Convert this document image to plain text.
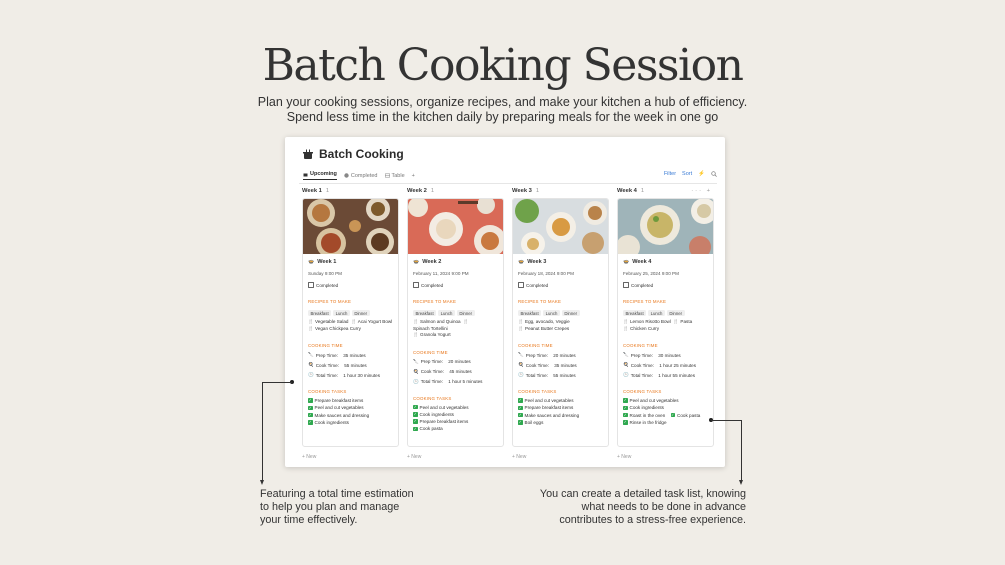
Batch Cooking Session
Plan your cooking sessions, organize recipes, and make your kitchen a hub of efficiency.
Spend less time in the kitchen daily by preparing meals for the week in one go
Batch Cooking
Upcoming	Completed	Table +	Filter Sort ⚡
Week 1 1
🍲 Week 1
Sunday 9:00 PM
Completed
RECIPES TO MAKE
Breakfast	Lunch	Dinner
🍴 Vegetable Salad  🍴 Acai Yogurt Bowl
🍴 Vegan Chickpea Curry
COOKING TIME
🔪 Prep Time:
35 minutes
🍳 Cook Time:
55 minutes
🕑 Total Time:
1 hour 30 minutes
COOKING TASKS
✓ Prepare breakfast items
✓ Peel and cut vegetables
✓ Make sauces and dressing
✓ Cook ingredients
+ New
Week 2 1
🍲 Week 2
February 11, 2024 9:00 PM
Completed
RECIPES TO MAKE
Breakfast	Lunch	Dinner
🍴 Salmon and Quinoa  🍴 Spinach Tortellini
🍴 Granola Yogurt
COOKING TIME
🔪 Prep Time:
20 minutes
🍳 Cook Time:
45 minutes
🕑 Total Time:
1 hour 5 minutes
COOKING TASKS
✓ Peel and cut vegetables
✓ Cook ingredients
✓ Prepare breakfast items
✓ Cook pasta
+ New
Week 3 1
🍲 Week 3
February 18, 2024 9:00 PM
Completed
RECIPES TO MAKE
Breakfast	Lunch	Dinner
🍴 Egg, avocado, Veggie
🍴 Peanut Butter Crepes
COOKING TIME
🔪 Prep Time:
20 minutes
🍳 Cook Time:
35 minutes
🕑 Total Time:
55 minutes
COOKING TASKS
✓ Peel and cut vegetables
✓ Prepare breakfast items
✓ Make sauces and dressing
✓ Boil eggs
+ New
Week 4 1	··· +
🍲 Week 4
February 25, 2024 9:00 PM
Completed
RECIPES TO MAKE
Breakfast	Lunch	Dinner
🍴 Lemon Risotto Bowl  🍴 Pasta
🍴 Chicken Curry
COOKING TIME
🔪 Prep Time:
30 minutes
🍳 Cook Time:
1 hour 25 minutes
🕑 Total Time:
1 hour 55 minutes
COOKING TASKS
✓ Peel and cut vegetables
✓ Cook ingredients
✓ Roast in the oven
✓ Cook pasta
✓ Rinse in the fridge
+ New
Featuring a total time estimation
to help you plan and manage
your time effectively.
You can create a detailed task list, knowing
what needs to be done in advance
contributes to a stress-free experience.
